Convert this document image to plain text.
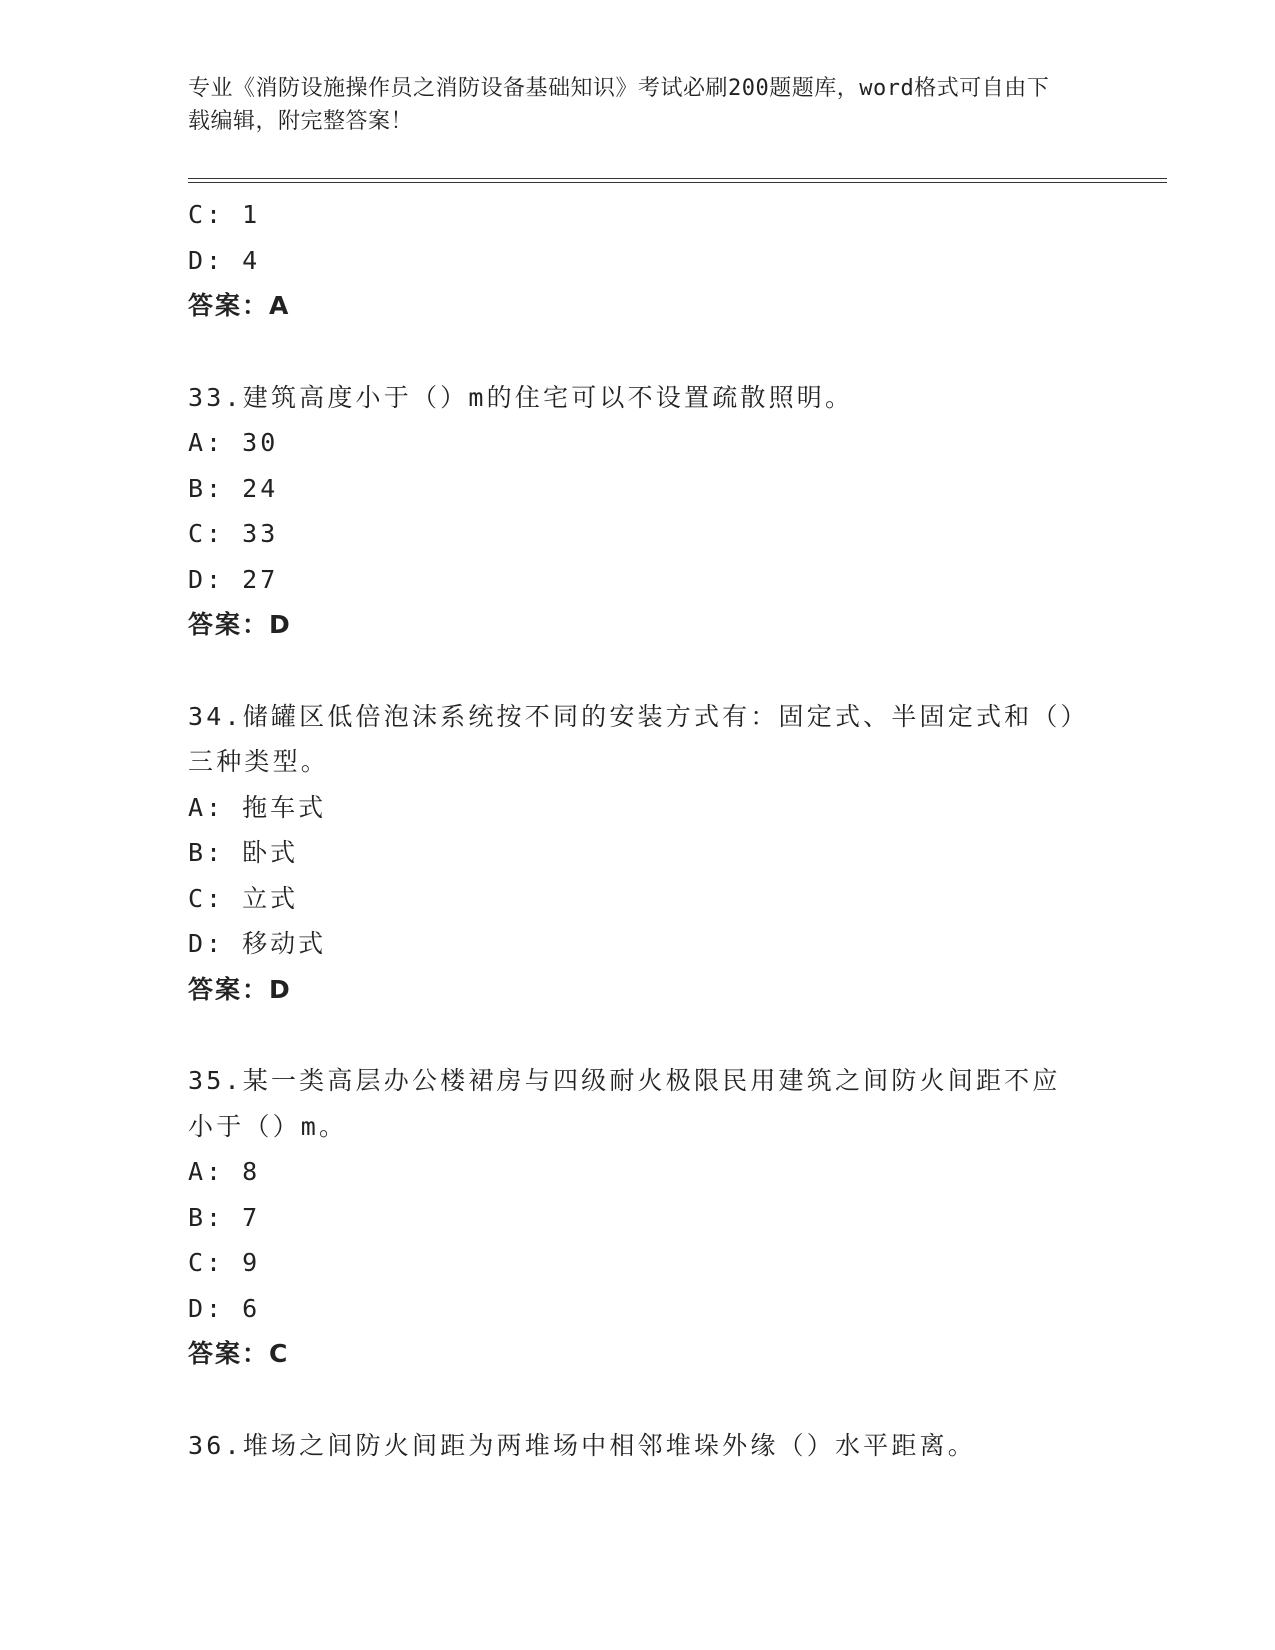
专业《消防设施操作员之消防设备基础知识》考试必刷200题题库，word格式可自由下载编辑，附完整答案！
C: 1
D: 4
答案：A
33.建筑高度小于（）m的住宅可以不设置疏散照明。
A: 30
B: 24
C: 33
D: 27
答案：D
34.储罐区低倍泡沫系统按不同的安装方式有：固定式、半固定式和（）三种类型。
A: 拖车式
B: 卧式
C: 立式
D: 移动式
答案：D
35.某一类高层办公楼裙房与四级耐火极限民用建筑之间防火间距不应小于（）m。
A: 8
B: 7
C: 9
D: 6
答案：C
36.堆场之间防火间距为两堆场中相邻堆垛外缘（）水平距离。
